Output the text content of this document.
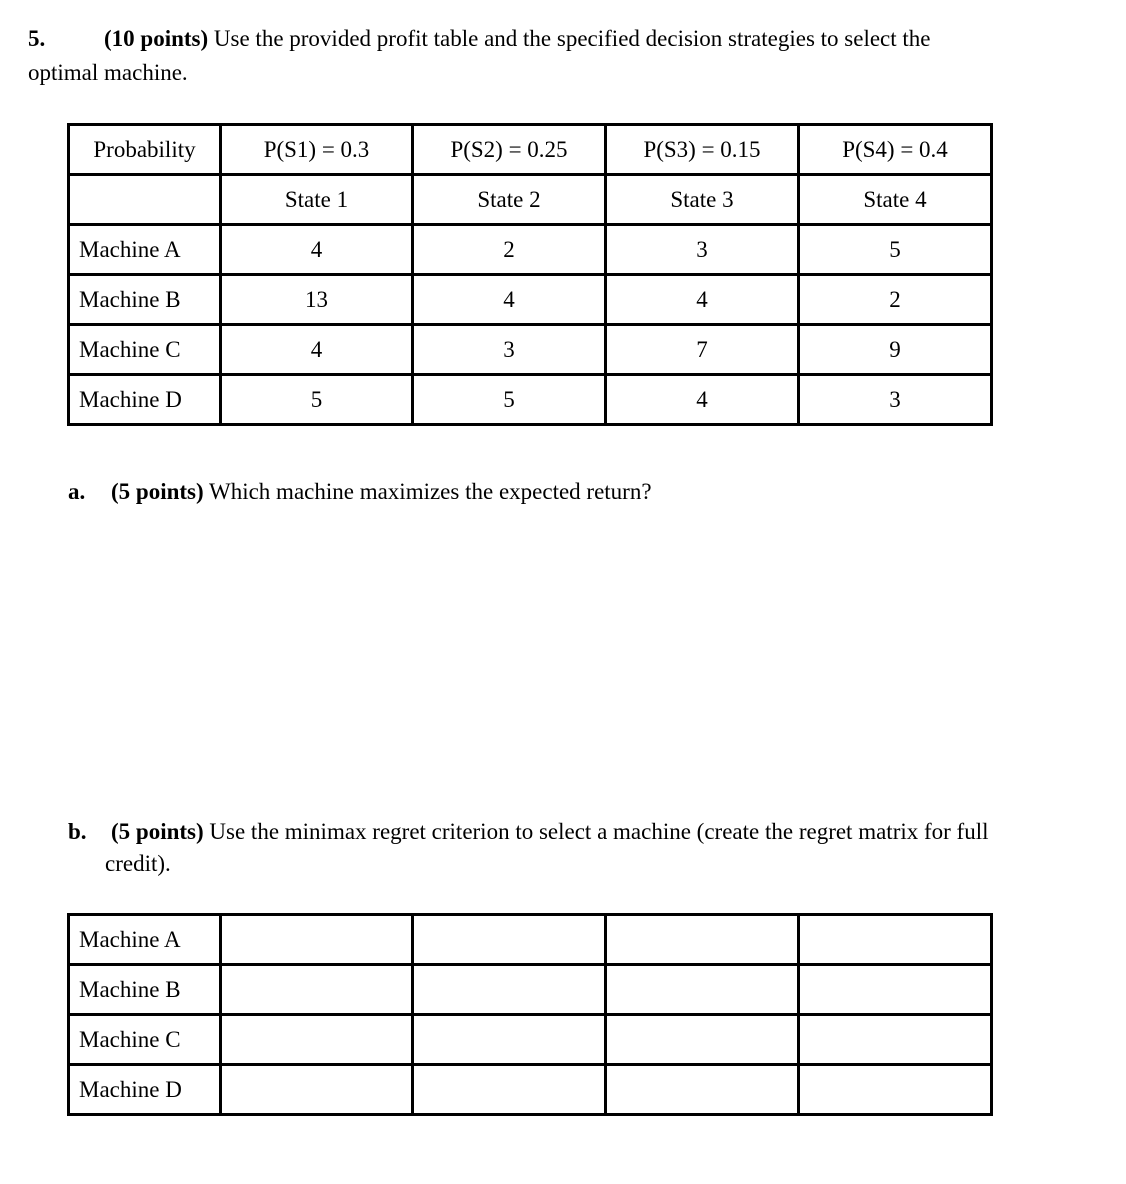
5.	(10 points) Use the provided profit table and the specified decision strategies to select the
optimal machine.
Probability	P(S1) = 0.3	P(S2) = 0.25	P(S3) = 0.15	P(S4) = 0.4
	State 1	State 2	State 3	State 4
Machine A	4	2	3	5
Machine B	13	4	4	2
Machine C	4	3	7	9
Machine D	5	5	4	3
a. (5 points) Which machine maximizes the expected return?
b. (5 points) Use the minimax regret criterion to select a machine (create the regret matrix for full
credit).
Machine A				
Machine B				
Machine C				
Machine D				
